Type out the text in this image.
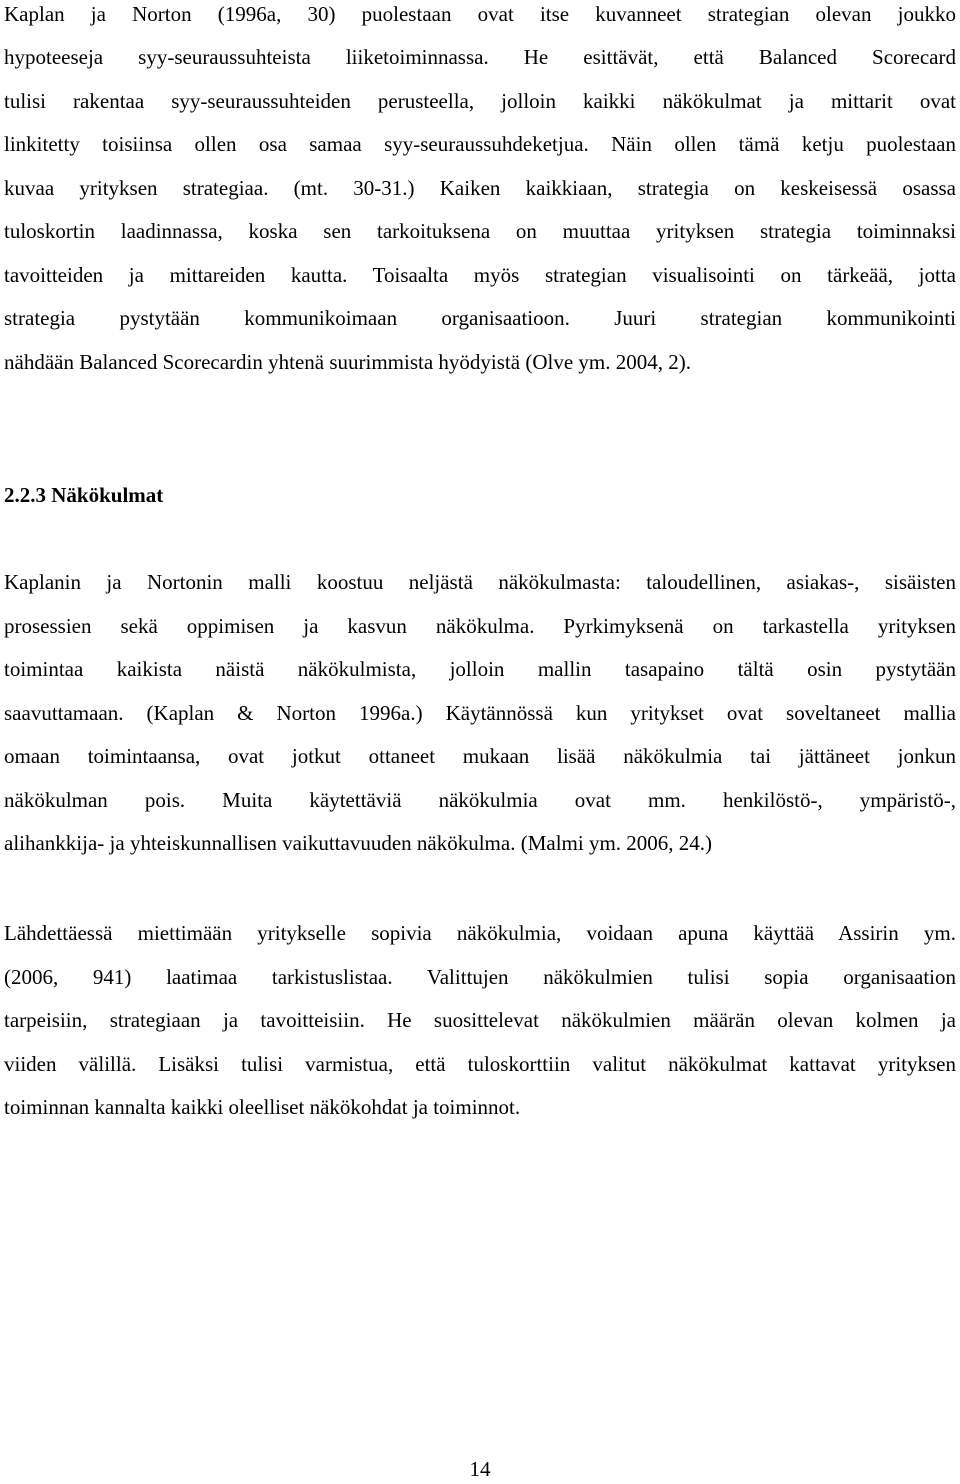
Kaplan ja Norton (1996a, 30) puolestaan ovat itse kuvanneet strategian olevan joukko
hypoteeseja syy-seuraussuhteista liiketoiminnassa. He esittävät, että Balanced Scorecard
tulisi rakentaa syy-seuraussuhteiden perusteella, jolloin kaikki näkökulmat ja mittarit ovat
linkitetty toisiinsa ollen osa samaa syy-seuraussuhdeketjua. Näin ollen tämä ketju puolestaan
kuvaa yrityksen strategiaa. (mt. 30-31.) Kaiken kaikkiaan, strategia on keskeisessä osassa
tuloskortin laadinnassa, koska sen tarkoituksena on muuttaa yrityksen strategia toiminnaksi
tavoitteiden ja mittareiden kautta. Toisaalta myös strategian visualisointi on tärkeää, jotta
strategia pystytään kommunikoimaan organisaatioon. Juuri strategian kommunikointi
nähdään Balanced Scorecardin yhtenä suurimmista hyödyistä (Olve ym. 2004, 2).
2.2.3 Näkökulmat
Kaplanin ja Nortonin malli koostuu neljästä näkökulmasta: taloudellinen, asiakas-, sisäisten
prosessien sekä oppimisen ja kasvun näkökulma. Pyrkimyksenä on tarkastella yrityksen
toimintaa kaikista näistä näkökulmista, jolloin mallin tasapaino tältä osin pystytään
saavuttamaan. (Kaplan & Norton 1996a.) Käytännössä kun yritykset ovat soveltaneet mallia
omaan toimintaansa, ovat jotkut ottaneet mukaan lisää näkökulmia tai jättäneet jonkun
näkökulman pois. Muita käytettäviä näkökulmia ovat mm. henkilöstö-, ympäristö-,
alihankkija- ja yhteiskunnallisen vaikuttavuuden näkökulma. (Malmi ym. 2006, 24.)
Lähdettäessä miettimään yritykselle sopivia näkökulmia, voidaan apuna käyttää Assirin ym.
(2006, 941) laatimaa tarkistuslistaa. Valittujen näkökulmien tulisi sopia organisaation
tarpeisiin, strategiaan ja tavoitteisiin. He suosittelevat näkökulmien määrän olevan kolmen ja
viiden välillä. Lisäksi tulisi varmistua, että tuloskorttiin valitut näkökulmat kattavat yrityksen
toiminnan kannalta kaikki oleelliset näkökohdat ja toiminnot.
14
